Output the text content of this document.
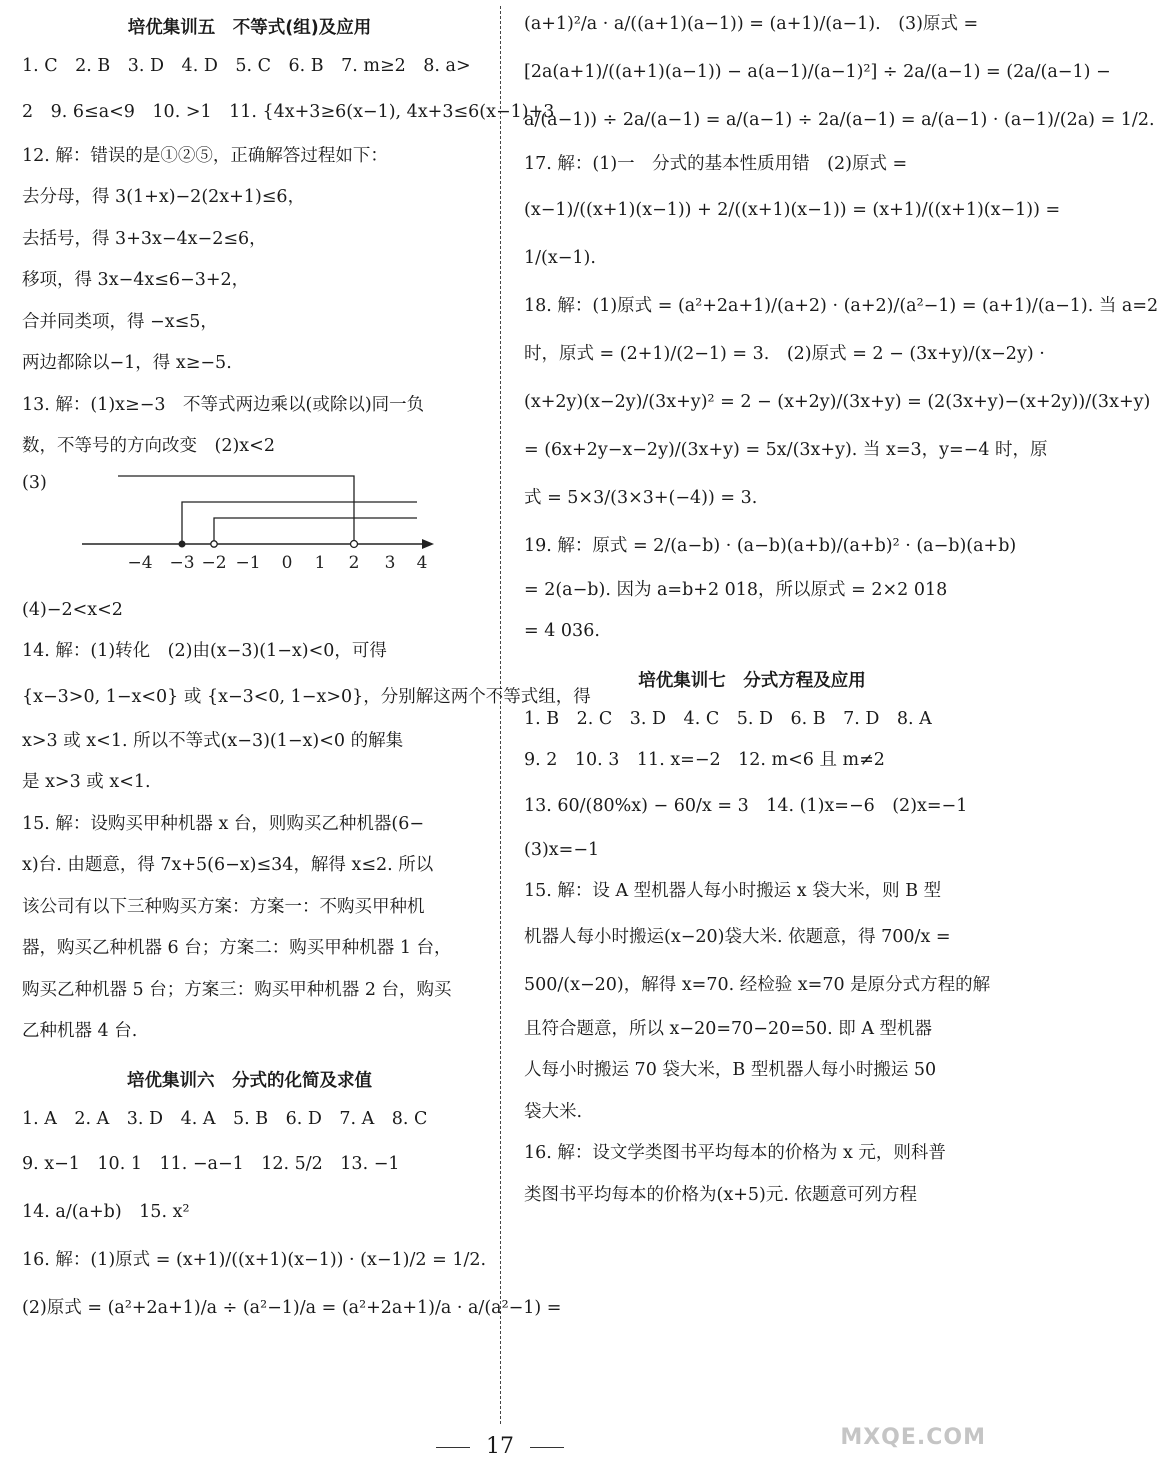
培优集训五　不等式(组)及应用
1. C　2. B　3. D　4. D　5. C　6. B　7. m≥2　8. a>
2　9. 6≤a<9　10. >1　11. {4x+3≥6(x−1), 4x+3≤6(x−1)+3
12. 解：错误的是①②⑤，正确解答过程如下：
去分母，得 3(1+x)−2(2x+1)≤6，
去括号，得 3+3x−4x−2≤6，
移项，得 3x−4x≤6−3+2，
合并同类项，得 −x≤5，
两边都除以−1，得 x≥−5.
13. 解：(1)x≥−3　不等式两边乘以(或除以)同一负
数，不等号的方向改变　(2)x<2
(3)
−4 −3 −2 −1 0 1 2 3 4
(4)−2<x<2
14. 解：(1)转化　(2)由(x−3)(1−x)<0，可得
{x−3>0, 1−x<0} 或 {x−3<0, 1−x>0}，分别解这两个不等式组，得
x>3 或 x<1. 所以不等式(x−3)(1−x)<0 的解集
是 x>3 或 x<1.
15. 解：设购买甲种机器 x 台，则购买乙种机器(6−
x)台. 由题意，得 7x+5(6−x)≤34，解得 x≤2. 所以
该公司有以下三种购买方案：方案一：不购买甲种机
器，购买乙种机器 6 台；方案二：购买甲种机器 1 台，
购买乙种机器 5 台；方案三：购买甲种机器 2 台，购买
乙种机器 4 台.
培优集训六　分式的化简及求值
1. A　2. A　3. D　4. A　5. B　6. D　7. A　8. C
9. x−1　10. 1　11. −a−1　12. 5/2　13. −1
14. a/(a+b)　15. x²
16. 解：(1)原式 = (x+1)/((x+1)(x−1)) · (x−1)/2 = 1/2.
(2)原式 = (a²+2a+1)/a ÷ (a²−1)/a = (a²+2a+1)/a · a/(a²−1) =
(a+1)²/a · a/((a+1)(a−1)) = (a+1)/(a−1).　(3)原式 =
[2a(a+1)/((a+1)(a−1)) − a(a−1)/(a−1)²] ÷ 2a/(a−1) = (2a/(a−1) −
a/(a−1)) ÷ 2a/(a−1) = a/(a−1) ÷ 2a/(a−1) = a/(a−1) · (a−1)/(2a) = 1/2.
17. 解：(1)一　分式的基本性质用错　(2)原式 =
(x−1)/((x+1)(x−1)) + 2/((x+1)(x−1)) = (x+1)/((x+1)(x−1)) =
1/(x−1).
18. 解：(1)原式 = (a²+2a+1)/(a+2) · (a+2)/(a²−1) = (a+1)/(a−1). 当 a=2
时，原式 = (2+1)/(2−1) = 3.　(2)原式 = 2 − (3x+y)/(x−2y) ·
(x+2y)(x−2y)/(3x+y)² = 2 − (x+2y)/(3x+y) = (2(3x+y)−(x+2y))/(3x+y)
= (6x+2y−x−2y)/(3x+y) = 5x/(3x+y). 当 x=3，y=−4 时，原
式 = 5×3/(3×3+(−4)) = 3.
19. 解：原式 = 2/(a−b) · (a−b)(a+b)/(a+b)² · (a−b)(a+b)
= 2(a−b). 因为 a=b+2 018，所以原式 = 2×2 018
= 4 036.
培优集训七　分式方程及应用
1. B　2. C　3. D　4. C　5. D　6. B　7. D　8. A
9. 2　10. 3　11. x=−2　12. m<6 且 m≠2
13. 60/(80%x) − 60/x = 3　14. (1)x=−6　(2)x=−1
(3)x=−1
15. 解：设 A 型机器人每小时搬运 x 袋大米，则 B 型
机器人每小时搬运(x−20)袋大米. 依题意，得 700/x =
500/(x−20)，解得 x=70. 经检验 x=70 是原分式方程的解
且符合题意，所以 x−20=70−20=50. 即 A 型机器
人每小时搬运 70 袋大米，B 型机器人每小时搬运 50
袋大米.
16. 解：设文学类图书平均每本的价格为 x 元，则科普
类图书平均每本的价格为(x+5)元. 依题意可列方程
17	MXQE.COM
